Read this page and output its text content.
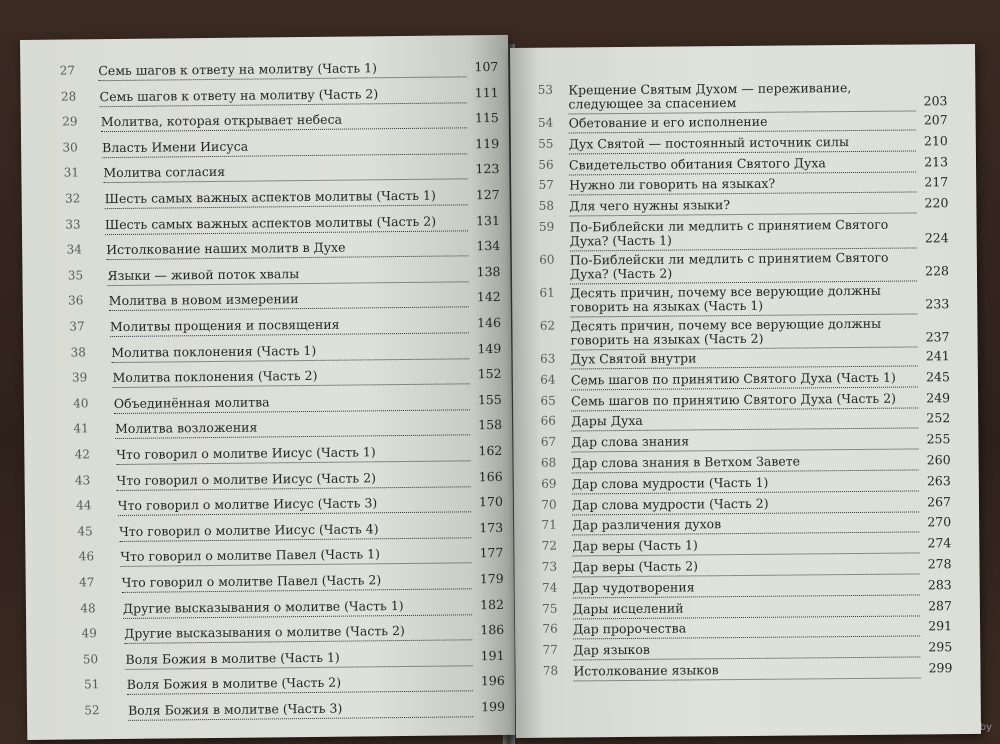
27	Семь шагов к ответу на молитву (Часть 1)	107
28	Семь шагов к ответу на молитву (Часть 2)	111
29	Молитва, которая открывает небеса	115
30	Власть Имени Иисуса	119
31	Молитва согласия	123
32	Шесть самых важных аспектов молитвы (Часть 1)	127
33	Шесть самых важных аспектов молитвы (Часть 2)	131
34	Истолкование наших молитв в Духе	134
35	Языки — живой поток хвалы	138
36	Молитва в новом измерении	142
37	Молитвы прощения и посвящения	146
38	Молитва поклонения (Часть 1)	149
39	Молитва поклонения (Часть 2)	152
40	Объединённая молитва	155
41	Молитва возложения	158
42	Что говорил о молитве Иисус (Часть 1)	162
43	Что говорил о молитве Иисус (Часть 2)	166
44	Что говорил о молитве Иисус (Часть 3)	170
45	Что говорил о молитве Иисус (Часть 4)	173
46	Что говорил о молитве Павел (Часть 1)	177
47	Что говорил о молитве Павел (Часть 2)	179
48	Другие высказывания о молитве (Часть 1)	182
49	Другие высказывания о молитве (Часть 2)	186
50	Воля Божия в молитве (Часть 1)	191
51	Воля Божия в молитве (Часть 2)	196
52	Воля Божия в молитве (Часть 3)	199
53	Крещение Святым Духом — переживание, следующее за спасением	203
54	Обетование и его исполнение	207
55	Дух Святой — постоянный источник силы	210
56	Свидетельство обитания Святого Духа	213
57	Нужно ли говорить на языках?	217
58	Для чего нужны языки?	220
59	По-Библейски ли медлить с принятием Святого Духа? (Часть 1)	224
60	По-Библейски ли медлить с принятием Святого Духа? (Часть 2)	228
61	Десять причин, почему все верующие должны говорить на языках (Часть 1)	233
62	Десять причин, почему все верующие должны говорить на языках (Часть 2)	237
63	Дух Святой внутри	241
64	Семь шагов по принятию Святого Духа (Часть 1)	245
65	Семь шагов по принятию Святого Духа (Часть 2)	249
66	Дары Духа	252
67	Дар слова знания	255
68	Дар слова знания в Ветхом Завете	260
69	Дар слова мудрости (Часть 1)	263
70	Дар слова мудрости (Часть 2)	267
71	Дар различения духов	270
72	Дар веры (Часть 1)	274
73	Дар веры (Часть 2)	278
74	Дар чудотворения	283
75	Дары исцелений	287
76	Дар пророчества	291
77	Дар языков	295
78	Истолкование языков	299
ay.by
